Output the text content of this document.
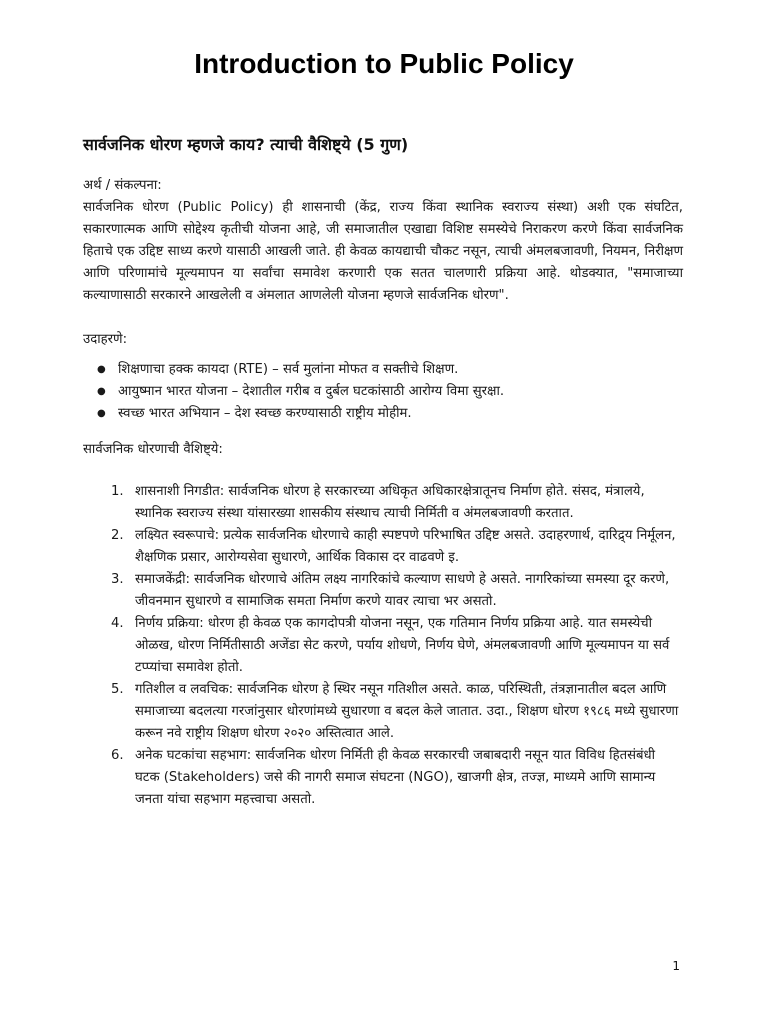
Introduction to Public Policy
सार्वजनिक धोरण म्हणजे काय? त्याची वैशिष्ट्ये (5 गुण)

अर्थ / संकल्पना:

सार्वजनिक धोरण (Public Policy) ही शासनाची (केंद्र, राज्य किंवा स्थानिक स्वराज्य संस्था) अशी एक संघटित, सकारणात्मक आणि सोद्देश्य कृतीची योजना आहे, जी समाजातील एखाद्या विशिष्ट समस्येचे निराकरण करणे किंवा सार्वजनिक हिताचे एक उद्दिष्ट साध्य करणे यासाठी आखली जाते. ही केवळ कायद्याची चौकट नसून, त्याची अंमलबजावणी, नियमन, निरीक्षण आणि परिणामांचे मूल्यमापन या सर्वांचा समावेश करणारी एक सतत चालणारी प्रक्रिया आहे. थोडक्यात, "समाजाच्या कल्याणासाठी सरकारने आखलेली व अंमलात आणलेली योजना म्हणजे सार्वजनिक धोरण".

उदाहरणे:

● शिक्षणाचा हक्क कायदा (RTE) – सर्व मुलांना मोफत व सक्तीचे शिक्षण.
● आयुष्मान भारत योजना – देशातील गरीब व दुर्बल घटकांसाठी आरोग्य विमा सुरक्षा.
● स्वच्छ भारत अभियान – देश स्वच्छ करण्यासाठी राष्ट्रीय मोहीम.

सार्वजनिक धोरणाची वैशिष्ट्ये:

1. शासनाशी निगडीत: सार्वजनिक धोरण हे सरकारच्या अधिकृत अधिकारक्षेत्रातूनच निर्माण होते. संसद, मंत्रालये, स्थानिक स्वराज्य संस्था यांसारख्या शासकीय संस्थाच त्याची निर्मिती व अंमलबजावणी करतात.
2. लक्ष्यित स्वरूपाचे: प्रत्येक सार्वजनिक धोरणाचे काही स्पष्टपणे परिभाषित उद्दिष्ट असते. उदाहरणार्थ, दारिद्र्य निर्मूलन, शैक्षणिक प्रसार, आरोग्यसेवा सुधारणे, आर्थिक विकास दर वाढवणे इ.
3. समाजकेंद्री: सार्वजनिक धोरणाचे अंतिम लक्ष्य नागरिकांचे कल्याण साधणे हे असते. नागरिकांच्या समस्या दूर करणे, जीवनमान सुधारणे व सामाजिक समता निर्माण करणे यावर त्याचा भर असतो.
4. निर्णय प्रक्रिया: धोरण ही केवळ एक कागदोपत्री योजना नसून, एक गतिमान निर्णय प्रक्रिया आहे. यात समस्येची ओळख, धोरण निर्मितीसाठी अजेंडा सेट करणे, पर्याय शोधणे, निर्णय घेणे, अंमलबजावणी आणि मूल्यमापन या सर्व टप्प्यांचा समावेश होतो.
5. गतिशील व लवचिक: सार्वजनिक धोरण हे स्थिर नसून गतिशील असते. काळ, परिस्थिती, तंत्रज्ञानातील बदल आणि समाजाच्या बदलत्या गरजांनुसार धोरणांमध्ये सुधारणा व बदल केले जातात. उदा., शिक्षण धोरण १९८६ मध्ये सुधारणा करून नवे राष्ट्रीय शिक्षण धोरण २०२० अस्तित्वात आले.
6. अनेक घटकांचा सहभाग: सार्वजनिक धोरण निर्मिती ही केवळ सरकारची जबाबदारी नसून यात विविध हितसंबंधी घटक (Stakeholders) जसे की नागरी समाज संघटना (NGO), खाजगी क्षेत्र, तज्ज्ञ, माध्यमे आणि सामान्य जनता यांचा सहभाग महत्त्वाचा असतो.
1
